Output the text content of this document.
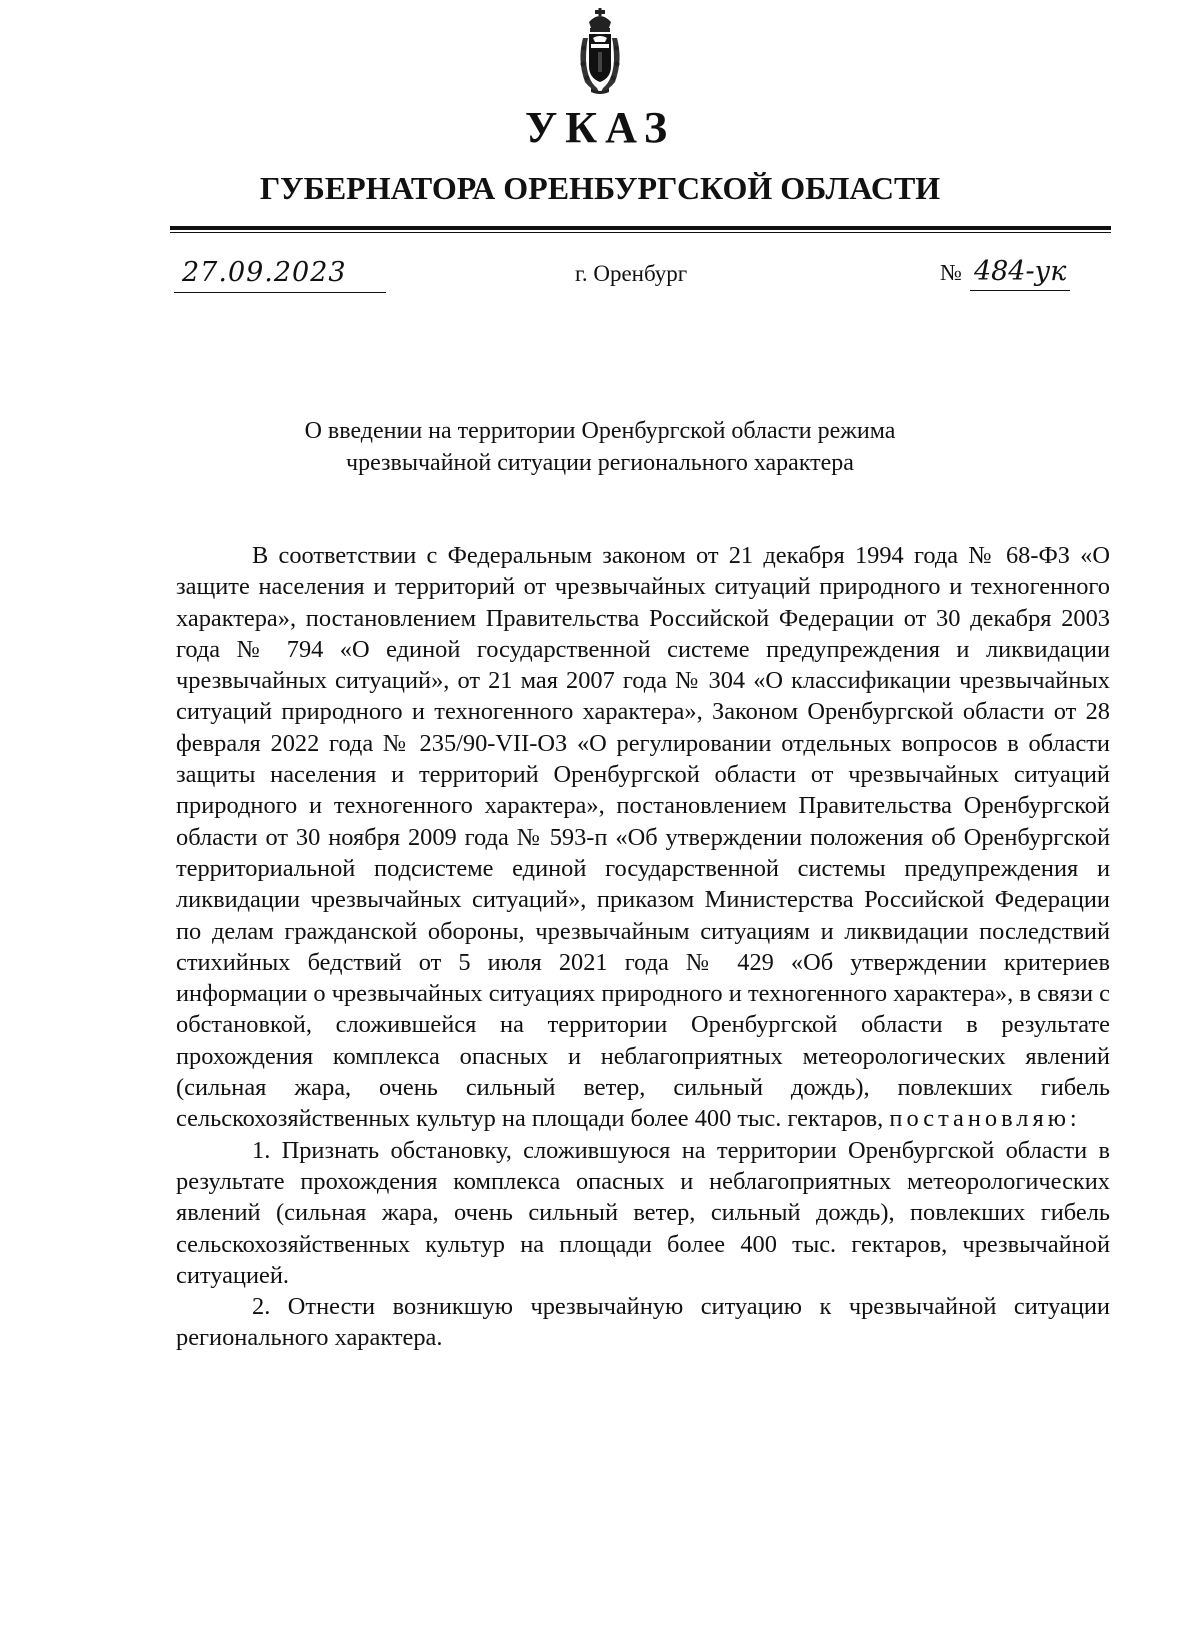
УКАЗ
ГУБЕРНАТОРА ОРЕНБУРГСКОЙ ОБЛАСТИ
27.09.2023	г. Оренбург	№ 484-ук
О введении на территории Оренбургской области режима
чрезвычайной ситуации регионального характера

В соответствии с Федеральным законом от 21 декабря 1994 года № 68-ФЗ «О защите населения и территорий от чрезвычайных ситуаций природного и техногенного характера», постановлением Правительства Российской Федерации от 30 декабря 2003 года № 794 «О единой государственной системе предупреждения и ликвидации чрезвычайных ситуаций», от 21 мая 2007 года № 304 «О классификации чрезвычайных ситуаций природного и техногенного характера», Законом Оренбургской области от 28 февраля 2022 года № 235/90-VII-ОЗ «О регулировании отдельных вопросов в области защиты населения и территорий Оренбургской области от чрезвычайных ситуаций природного и техногенного характера», постановлением Правительства Оренбургской области от 30 ноября 2009 года № 593-п «Об утверждении положения об Оренбургской территориальной подсистеме единой государственной системы предупреждения и ликвидации чрезвычайных ситуаций», приказом Министерства Российской Федерации по делам гражданской обороны, чрезвычайным ситуациям и ликвидации последствий стихийных бедствий от 5 июля 2021 года № 429 «Об утверждении критериев информации о чрезвычайных ситуациях природного и техногенного характера», в связи с обстановкой, сложившейся на территории Оренбургской области в результате прохождения комплекса опасных и неблагоприятных метеорологических явлений (сильная жара, очень сильный ветер, сильный дождь), повлекших гибель сельскохозяйственных культур на площади более 400 тыс. гектаров, постановляю:

1. Признать обстановку, сложившуюся на территории Оренбургской области в результате прохождения комплекса опасных и неблагоприятных метеорологических явлений (сильная жара, очень сильный ветер, сильный дождь), повлекших гибель сельскохозяйственных культур на площади более 400 тыс. гектаров, чрезвычайной ситуацией.

2. Отнести возникшую чрезвычайную ситуацию к чрезвычайной ситуации регионального характера.
